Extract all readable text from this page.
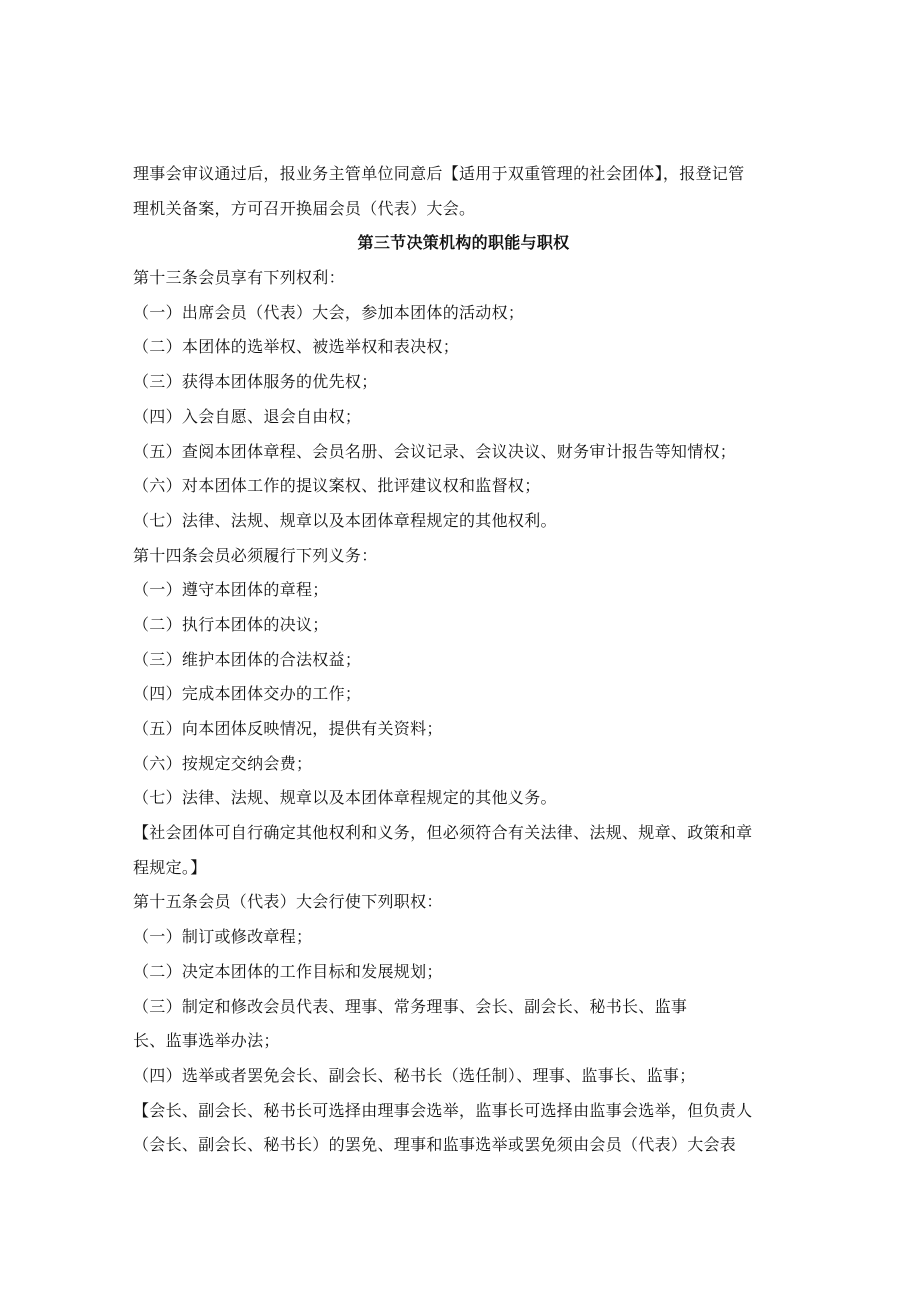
理事会审议通过后，报业务主管单位同意后【适用于双重管理的社会团体】，报登记管
理机关备案，方可召开换届会员（代表）大会。
第三节决策机构的职能与职权
第十三条会员享有下列权利：
（一）出席会员（代表）大会，参加本团体的活动权；
（二）本团体的选举权、被选举权和表决权；
（三）获得本团体服务的优先权；
（四）入会自愿、退会自由权；
（五）查阅本团体章程、会员名册、会议记录、会议决议、财务审计报告等知情权；
（六）对本团体工作的提议案权、批评建议权和监督权；
（七）法律、法规、规章以及本团体章程规定的其他权利。
第十四条会员必须履行下列义务：
（一）遵守本团体的章程；
（二）执行本团体的决议；
（三）维护本团体的合法权益；
（四）完成本团体交办的工作；
（五）向本团体反映情况，提供有关资料；
（六）按规定交纳会费；
（七）法律、法规、规章以及本团体章程规定的其他义务。
【社会团体可自行确定其他权利和义务，但必须符合有关法律、法规、规章、政策和章
程规定。】
第十五条会员（代表）大会行使下列职权：
（一）制订或修改章程；
（二）决定本团体的工作目标和发展规划；
（三）制定和修改会员代表、理事、常务理事、会长、副会长、秘书长、监事
长、监事选举办法；
（四）选举或者罢免会长、副会长、秘书长（选任制）、理事、监事长、监事；
【会长、副会长、秘书长可选择由理事会选举，监事长可选择由监事会选举，但负责人
（会长、副会长、秘书长）的罢免、理事和监事选举或罢免须由会员（代表）大会表
